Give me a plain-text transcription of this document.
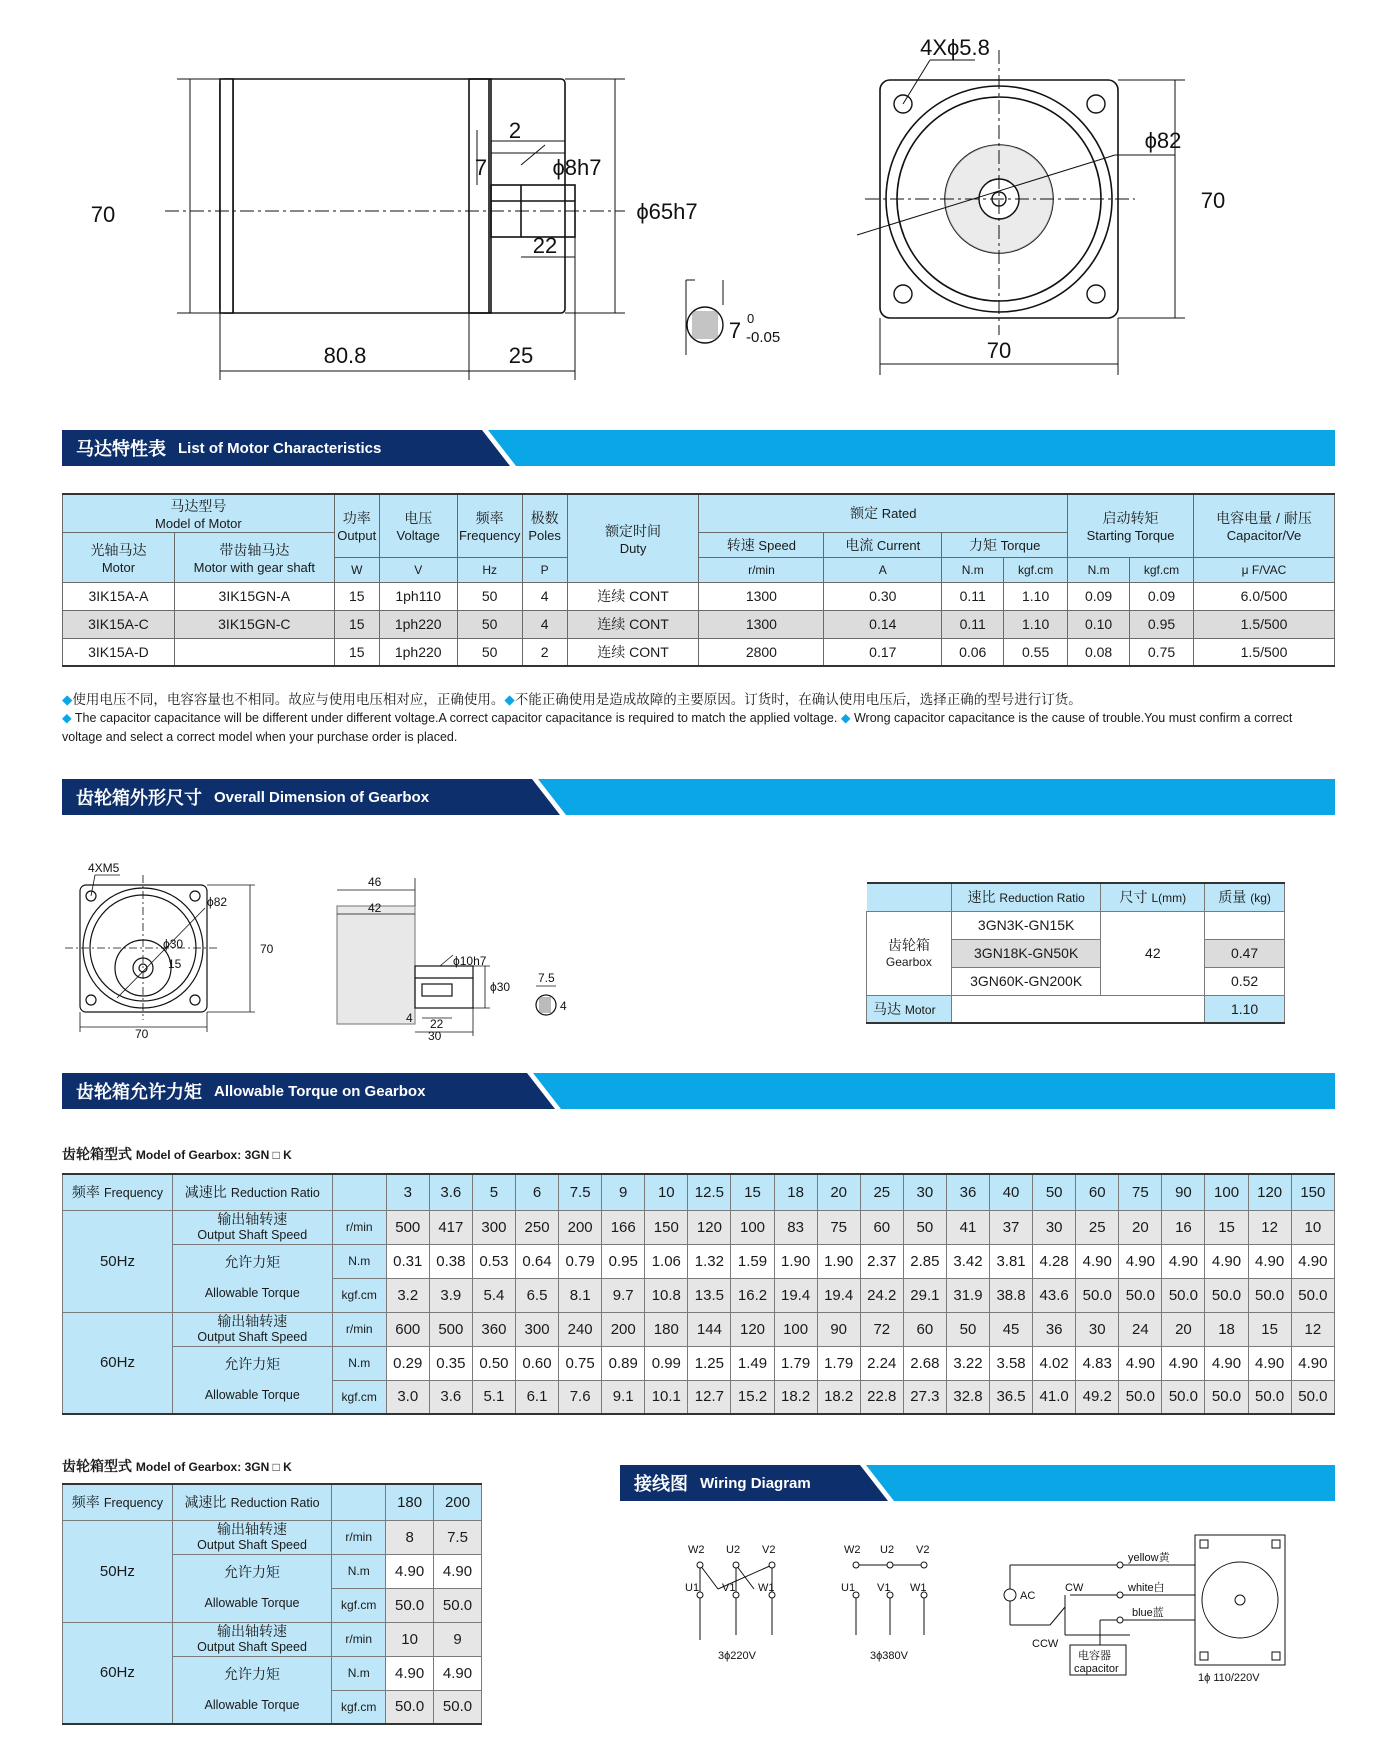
70
80.8	25
ϕ65h7
ϕ8h7
2
7
22
7 0
-0.05
4Xϕ5.8
ϕ82
70
70
马达特性表 List of Motor Characteristics
马达型号
Model of Motor		功率
Output	电压
Voltage	频率
Frequency	极数
Poles	额定时间
Duty	额定 Rated				启动转矩
Starting Torque		电容电量 / 耐压
Capacitor/Ve
光轴马达
Motor	带齿轴马达
Motor with gear shaft						转速 Speed	电流 Current	力矩 Torque				
		W	V	Hz	P		r/min	A	N.m	kgf.cm	N.m	kgf.cm	μ F/VAC
3IK15A-A	3IK15GN-A	15	1ph110	50	4	连续 CONT	1300	0.30	0.11	1.10	0.09	0.09	6.0/500
3IK15A-C	3IK15GN-C	15	1ph220	50	4	连续 CONT	1300	0.14	0.11	1.10	0.10	0.95	1.5/500
3IK15A-D		15	1ph220	50	2	连续 CONT	2800	0.17	0.06	0.55	0.08	0.75	1.5/500
◆使用电压不同，电容容量也不相同。故应与使用电压相对应，正确使用。◆不能正确使用是造成故障的主要原因。订货时，在确认使用电压后，选择正确的型号进行订货。
◆ The capacitor capacitance will be different under different voltage.A correct capacitor capacitance is required to match the applied voltage. ◆ Wrong capacitor capacitance is the cause of trouble.You must confirm a correct voltage and select a correct model when your purchase order is placed.
齿轮箱外形尺寸 Overall Dimension of Gearbox
4XM5
ϕ82
ϕ30
15
70
70
46
42
ϕ10h7
ϕ30
4 22
30
7.5
4
	速比 Reduction Ratio	尺寸 L(mm)	质量 (kg)
齿轮箱
Gearbox	3GN3K-GN15K	42	
	3GN18K-GN50K		0.47
	3GN60K-GN200K		0.52
马达 Motor			1.10
齿轮箱允许力矩 Allowable Torque on Gearbox
齿轮箱型式 Model of Gearbox: 3GN □ K
频率 Frequency	减速比 Reduction Ratio		3	3.6	5	6	7.5	9	10	12.5	15	18	20	25	30	36	40	50	60	75	90	100	120	150
50Hz	输出轴转速
Output Shaft Speed	r/min	500	417	300	250	200	166	150	120	100	83	75	60	50	41	37	30	25	20	16	15	12	10
	允许力矩

Allowable Torque	N.m	0.31	0.38	0.53	0.64	0.79	0.95	1.06	1.32	1.59	1.90	1.90	2.37	2.85	3.42	3.81	4.28	4.90	4.90	4.90	4.90	4.90	4.90
		kgf.cm	3.2	3.9	5.4	6.5	8.1	9.7	10.8	13.5	16.2	19.4	19.4	24.2	29.1	31.9	38.8	43.6	50.0	50.0	50.0	50.0	50.0	50.0
60Hz	输出轴转速
Output Shaft Speed	r/min	600	500	360	300	240	200	180	144	120	100	90	72	60	50	45	36	30	24	20	18	15	12
	允许力矩

Allowable Torque	N.m	0.29	0.35	0.50	0.60	0.75	0.89	0.99	1.25	1.49	1.79	1.79	2.24	2.68	3.22	3.58	4.02	4.83	4.90	4.90	4.90	4.90	4.90
		kgf.cm	3.0	3.6	5.1	6.1	7.6	9.1	10.1	12.7	15.2	18.2	18.2	22.8	27.3	32.8	36.5	41.0	49.2	50.0	50.0	50.0	50.0	50.0
齿轮箱型式 Model of Gearbox: 3GN □ K
频率 Frequency	减速比 Reduction Ratio		180	200
50Hz	输出轴转速
Output Shaft Speed	r/min	8	7.5
	允许力矩

Allowable Torque	N.m	4.90	4.90
		kgf.cm	50.0	50.0
60Hz	输出轴转速
Output Shaft Speed	r/min	10	9
	允许力矩

Allowable Torque	N.m	4.90	4.90
		kgf.cm	50.0	50.0
接线图 Wiring Diagram
W2 U2 V2
U1 V1 W1
3ϕ220V
W2 U2 V2
U1 V1 W1
3ϕ380V
yellow黄
white白
blue蓝
AC
CW
CCW
电容器
capacitor
1ϕ 110/220V
